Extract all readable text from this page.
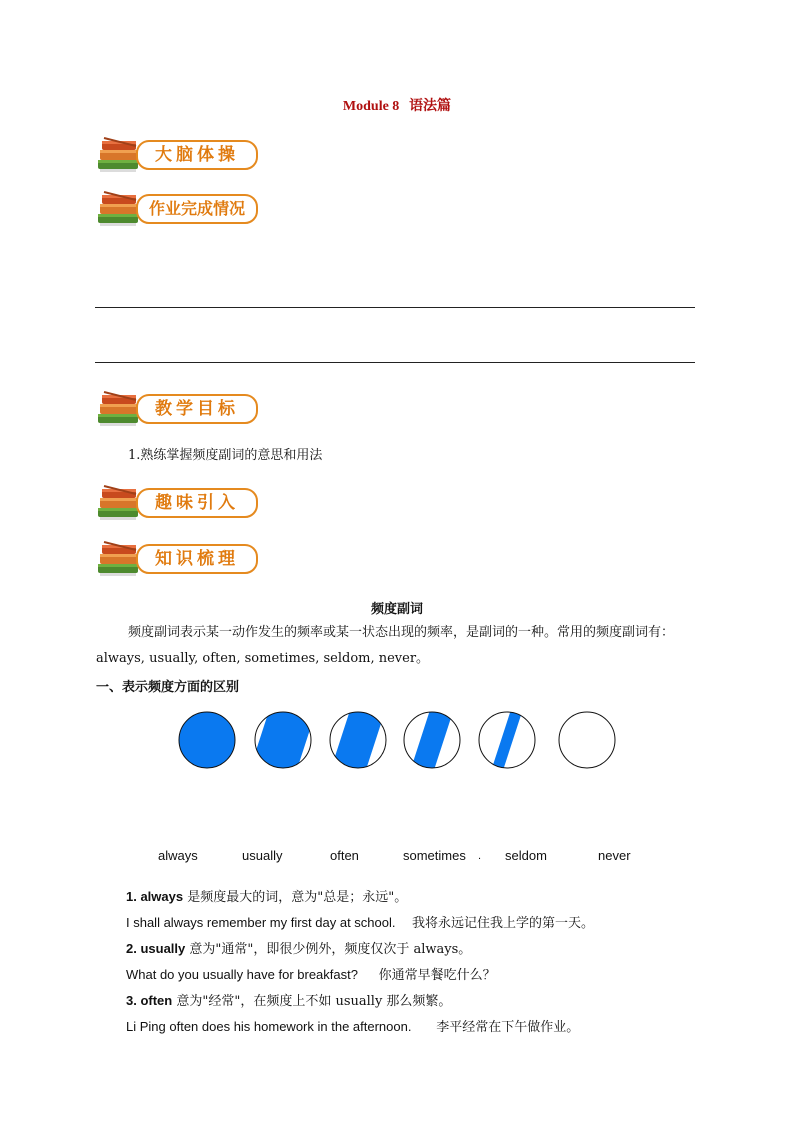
Module 8 语法篇
大脑体操
作业完成情况
教学目标
1.熟练掌握频度副词的意思和用法
趣味引入
知识梳理
频度副词
频度副词表示某一动作发生的频率或某一状态出现的频率，是副词的一种。常用的频度副词有： always, usually, often, sometimes, seldom, never。
一、表示频度方面的区别
always	usually	often	sometimes . seldom	never
1. always 是频度最大的词，意为"总是；永远"。
I shall always remember my first day at school. 我将永远记住我上学的第一天。
2. usually 意为"通常"，即很少例外，频度仅次于 always。
What do you usually have for breakfast? 你通常早餐吃什么？
3. often 意为"经常"，在频度上不如 usually 那么频繁。
Li Ping often does his homework in the afternoon. 李平经常在下午做作业。
